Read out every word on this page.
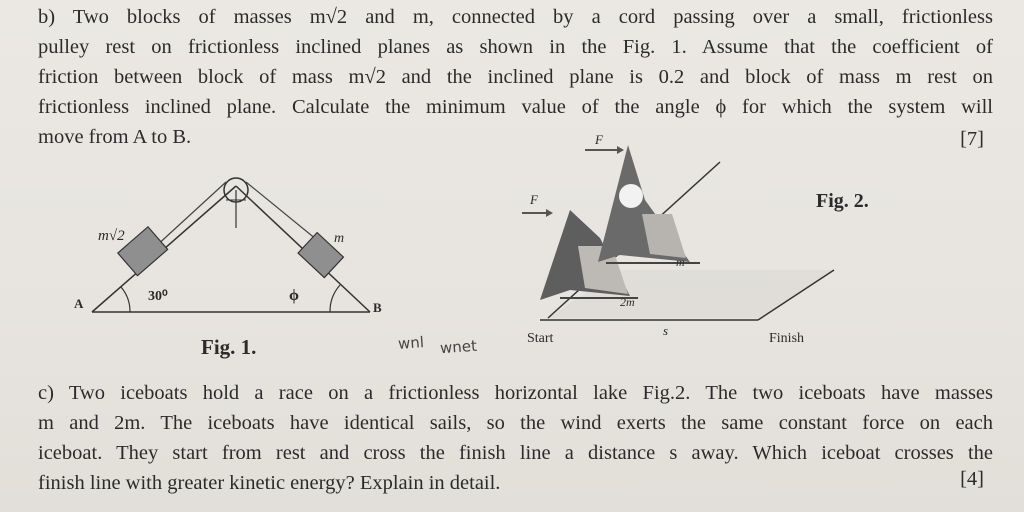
b) Two blocks of masses m√2 and m, connected by a cord passing over a small, frictionless
pulley rest on frictionless inclined planes as shown in the Fig. 1. Assume that the coefficient of
friction between block of mass m√2 and the inclined plane is 0.2 and block of mass m rest on
frictionless inclined plane. Calculate the minimum value of the angle ϕ for which the system will
move from A to B.	[7]
m√2	m
30⁰	ϕ
A	B
F
F
m
2m
Start	Finish
s
Fig. 1.
Fig. 2.
wnl wnet
c) Two iceboats hold a race on a frictionless horizontal lake Fig.2. The two iceboats have masses
m and 2m. The iceboats have identical sails, so the wind exerts the same constant force on each
iceboat. They start from rest and cross the finish line a distance s away. Which iceboat crosses the
finish line with greater kinetic energy? Explain in detail.	[4]
